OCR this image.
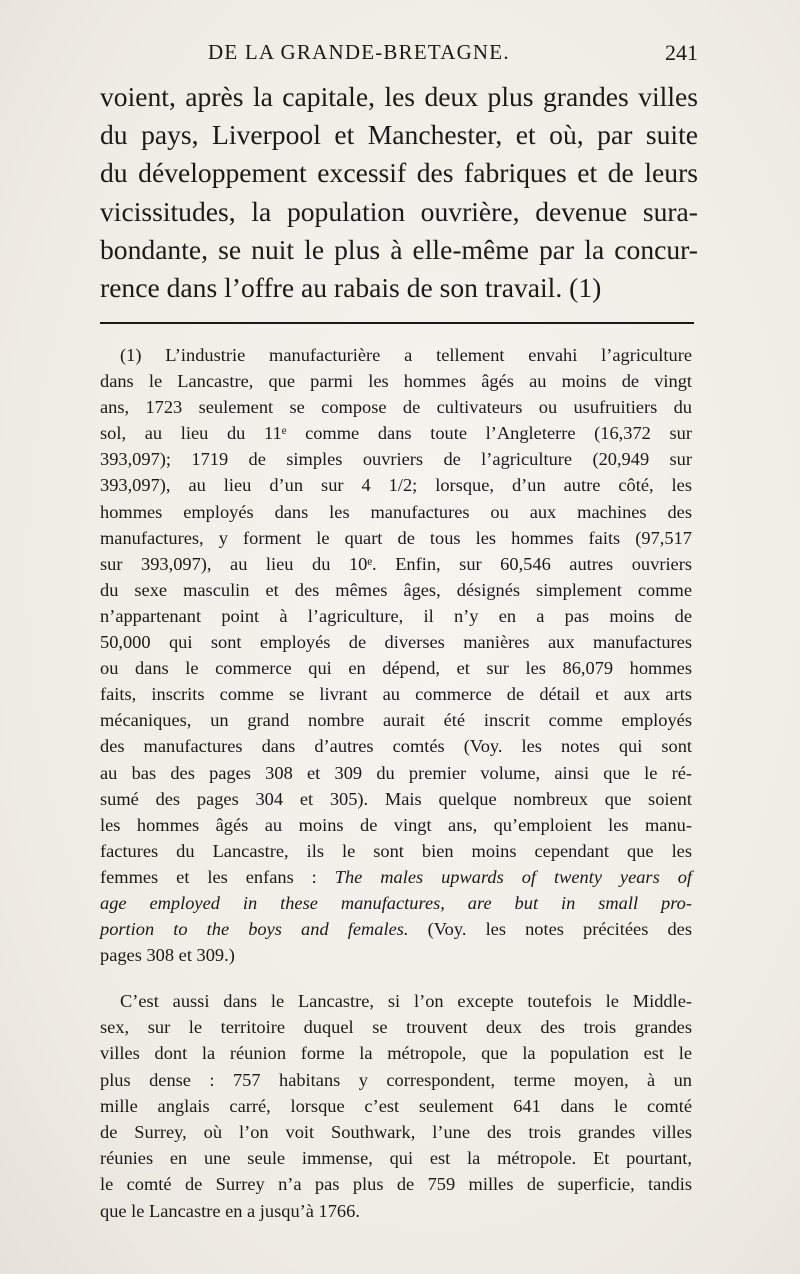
DE LA GRANDE-BRETAGNE.	241

voient, après la capitale, les deux plus grandes villes
du pays, Liverpool et Manchester, et où, par suite
du développement excessif des fabriques et de leurs
vicissitudes, la population ouvrière, devenue sura-
bondante, se nuit le plus à elle-même par la concur-
rence dans l’offre au rabais de son travail. (1)

(1) L’industrie manufacturière a tellement envahi l’agriculture
dans le Lancastre, que parmi les hommes âgés au moins de vingt
ans, 1723 seulement se compose de cultivateurs ou usufruitiers du
sol, au lieu du 11ᵉ comme dans toute l’Angleterre (16,372 sur
393,097); 1719 de simples ouvriers de l’agriculture (20,949 sur
393,097), au lieu d’un sur 4 1/2; lorsque, d’un autre côté, les
hommes employés dans les manufactures ou aux machines des
manufactures, y forment le quart de tous les hommes faits (97,517
sur 393,097), au lieu du 10ᵉ. Enfin, sur 60,546 autres ouvriers
du sexe masculin et des mêmes âges, désignés simplement comme
n’appartenant point à l’agriculture, il n’y en a pas moins de
50,000 qui sont employés de diverses manières aux manufactures
ou dans le commerce qui en dépend, et sur les 86,079 hommes
faits, inscrits comme se livrant au commerce de détail et aux arts
mécaniques, un grand nombre aurait été inscrit comme employés
des manufactures dans d’autres comtés (Voy. les notes qui sont
au bas des pages 308 et 309 du premier volume, ainsi que le ré-
sumé des pages 304 et 305). Mais quelque nombreux que soient
les hommes âgés au moins de vingt ans, qu’emploient les manu-
factures du Lancastre, ils le sont bien moins cependant que les
femmes et les enfans : The males upwards of twenty years of
age employed in these manufactures, are but in small pro-
portion to the boys and females. (Voy. les notes précitées des
pages 308 et 309.)

C’est aussi dans le Lancastre, si l’on excepte toutefois le Middle-
sex, sur le territoire duquel se trouvent deux des trois grandes
villes dont la réunion forme la métropole, que la population est le
plus dense : 757 habitans y correspondent, terme moyen, à un
mille anglais carré, lorsque c’est seulement 641 dans le comté
de Surrey, où l’on voit Southwark, l’une des trois grandes villes
réunies en une seule immense, qui est la métropole. Et pourtant,
le comté de Surrey n’a pas plus de 759 milles de superficie, tandis
que le Lancastre en a jusqu’à 1766.
